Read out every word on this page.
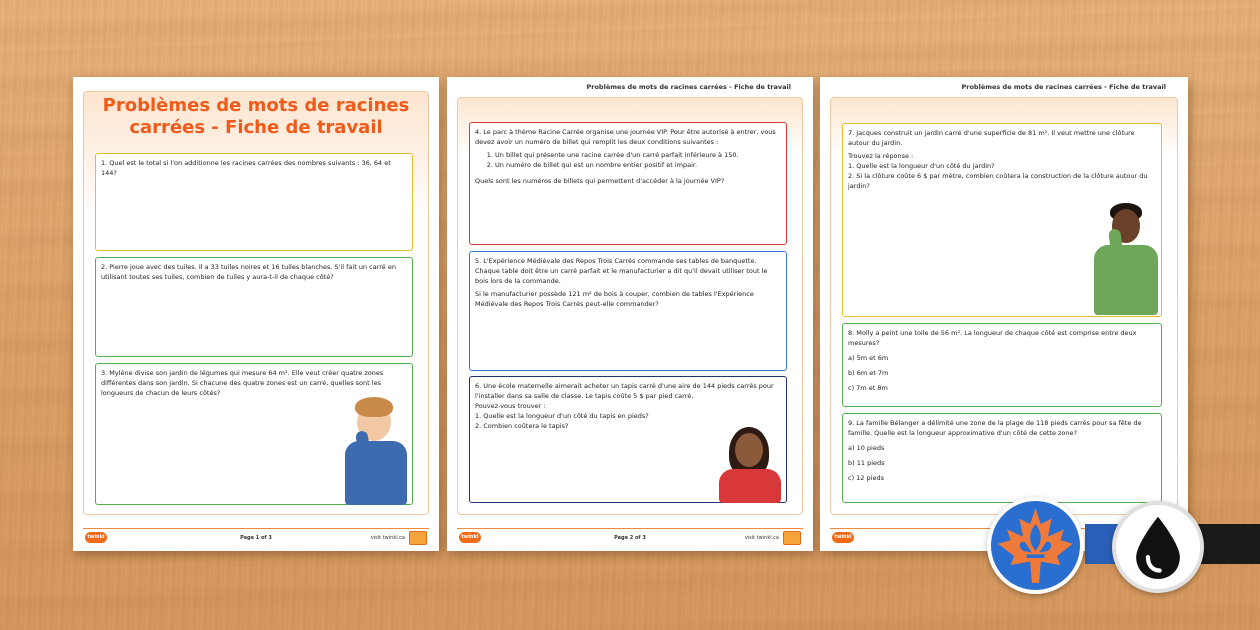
Problèmes de mots de racines carrées - Fiche de travail

1. Quel est le total si l'on additionne les racines carrées des nombres suivants : 36, 64 et 144?

2. Pierre joue avec des tuiles. Il a 33 tuiles noires et 16 tuiles blanches. S'il fait un carré en utilisant toutes ses tuiles, combien de tuiles y aura-t-il de chaque côté?

3. Mylène divise son jardin de légumes qui mesure 64 m². Elle veut créer quatre zones différentes dans son jardin. Si chacune des quatre zones est un carré, quelles sont les longueurs de chacun de leurs côtés?

twinkl	Page 1 of 3	visit twinkl.ca
Problèmes de mots de racines carrées - Fiche de travail

4. Le parc à thème Racine Carrée organise une journée VIP. Pour être autorisé à entrer, vous devez avoir un numéro de billet qui remplit les deux conditions suivantes :

1. Un billet qui présente une racine carrée d'un carré parfait inférieure à 150.
2. Un numéro de billet qui est un nombre entier positif et impair.

Quels sont les numéros de billets qui permettent d'accéder à la journée VIP?

5. L'Expérience Médiévale des Repos Trois Carrés commande ses tables de banquette. Chaque table doit être un carré parfait et le manufacturier a dit qu'il devait utiliser tout le bois lors de la commande.

Si le manufacturier possède 121 m² de bois à couper, combien de tables l'Expérience Médiévale des Repos Trois Carrés peut-elle commander?

6. Une école maternelle aimerait acheter un tapis carré d'une aire de 144 pieds carrés pour l'installer dans sa salle de classe. Le tapis coûte 5 $ par pied carré.

Pouvez-vous trouver :

1. Quelle est la longueur d'un côté du tapis en pieds?

2. Combien coûtera le tapis?

twinkl	Page 2 of 3	visit twinkl.ca
Problèmes de mots de racines carrées - Fiche de travail

7. Jacques construit un jardin carré d'une superficie de 81 m². Il veut mettre une clôture autour du jardin.

Trouvez la réponse :

1. Quelle est la longueur d'un côté du jardin?

2. Si la clôture coûte 6 $ par mètre, combien coûtera la construction de la clôture autour du jardin?

8. Molly a peint une toile de 56 m². La longueur de chaque côté est comprise entre deux mesures?

a) 5m et 6m

b) 6m et 7m

c) 7m et 8m

9. La famille Bélanger a délimité une zone de la plage de 118 pieds carrés pour sa fête de famille. Quelle est la longueur approximative d'un côté de cette zone?

a) 10 pieds

b) 11 pieds

c) 12 pieds

twinkl
